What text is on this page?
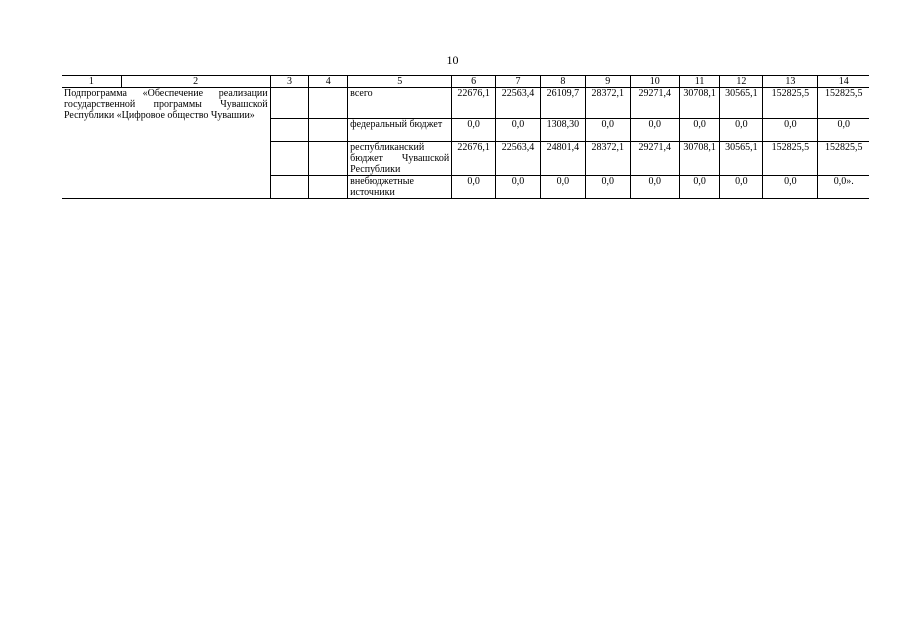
10
1	2	3	4	5	6	7	8	9	10	11	12	13	14
Подпрограмма «Обеспечение реализации государственной программы Чувашской Республики «Цифровое общество Чувашии»				всего	22676,1	22563,4	26109,7	28372,1	29271,4	30708,1	30565,1	152825,5	152825,5
				федеральный бюджет	0,0	0,0	1308,30	0,0	0,0	0,0	0,0	0,0	0,0
				республиканский бюджет Чувашской Республики	22676,1	22563,4	24801,4	28372,1	29271,4	30708,1	30565,1	152825,5	152825,5
				внебюджетные источники	0,0	0,0	0,0	0,0	0,0	0,0	0,0	0,0	0,0».
